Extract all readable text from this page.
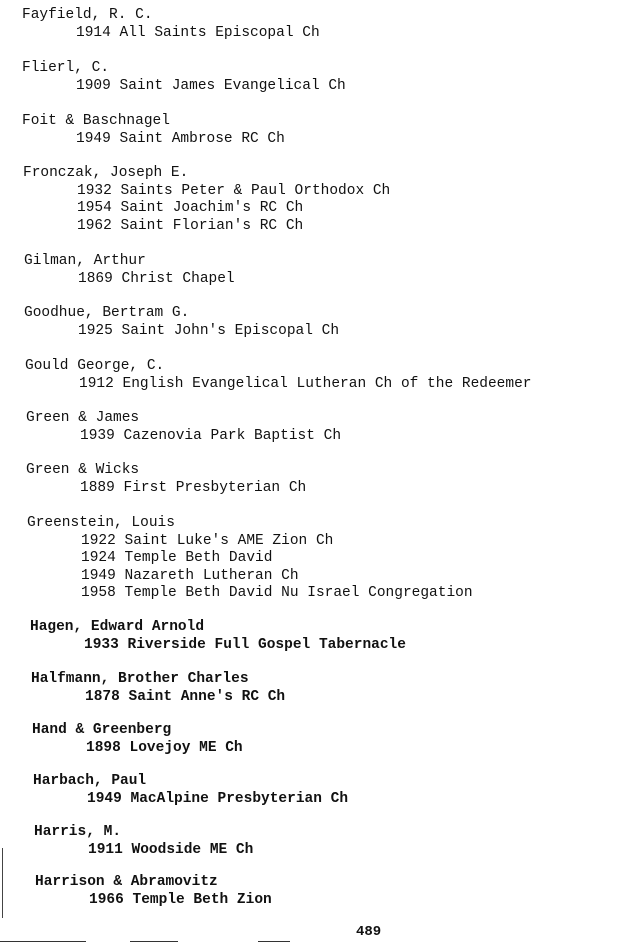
Fayfield, R. C.
1914 All Saints Episcopal Ch
Flierl, C.
1909 Saint James Evangelical Ch
Foit & Baschnagel
1949 Saint Ambrose RC Ch
Fronczak, Joseph E.
1932 Saints Peter & Paul Orthodox Ch
1954 Saint Joachim's RC Ch
1962 Saint Florian's RC Ch
Gilman, Arthur
1869 Christ Chapel
Goodhue, Bertram G.
1925 Saint John's Episcopal Ch
Gould George, C.
1912 English Evangelical Lutheran Ch of the Redeemer
Green & James
1939 Cazenovia Park Baptist Ch
Green & Wicks
1889 First Presbyterian Ch
Greenstein, Louis
1922 Saint Luke's AME Zion Ch
1924 Temple Beth David
1949 Nazareth Lutheran Ch
1958 Temple Beth David Nu Israel Congregation
Hagen, Edward Arnold
1933 Riverside Full Gospel Tabernacle
Halfmann, Brother Charles
1878 Saint Anne's RC Ch
Hand & Greenberg
1898 Lovejoy ME Ch
Harbach, Paul
1949 MacAlpine Presbyterian Ch
Harris, M.
1911 Woodside ME Ch
Harrison & Abramovitz
1966 Temple Beth Zion
489
